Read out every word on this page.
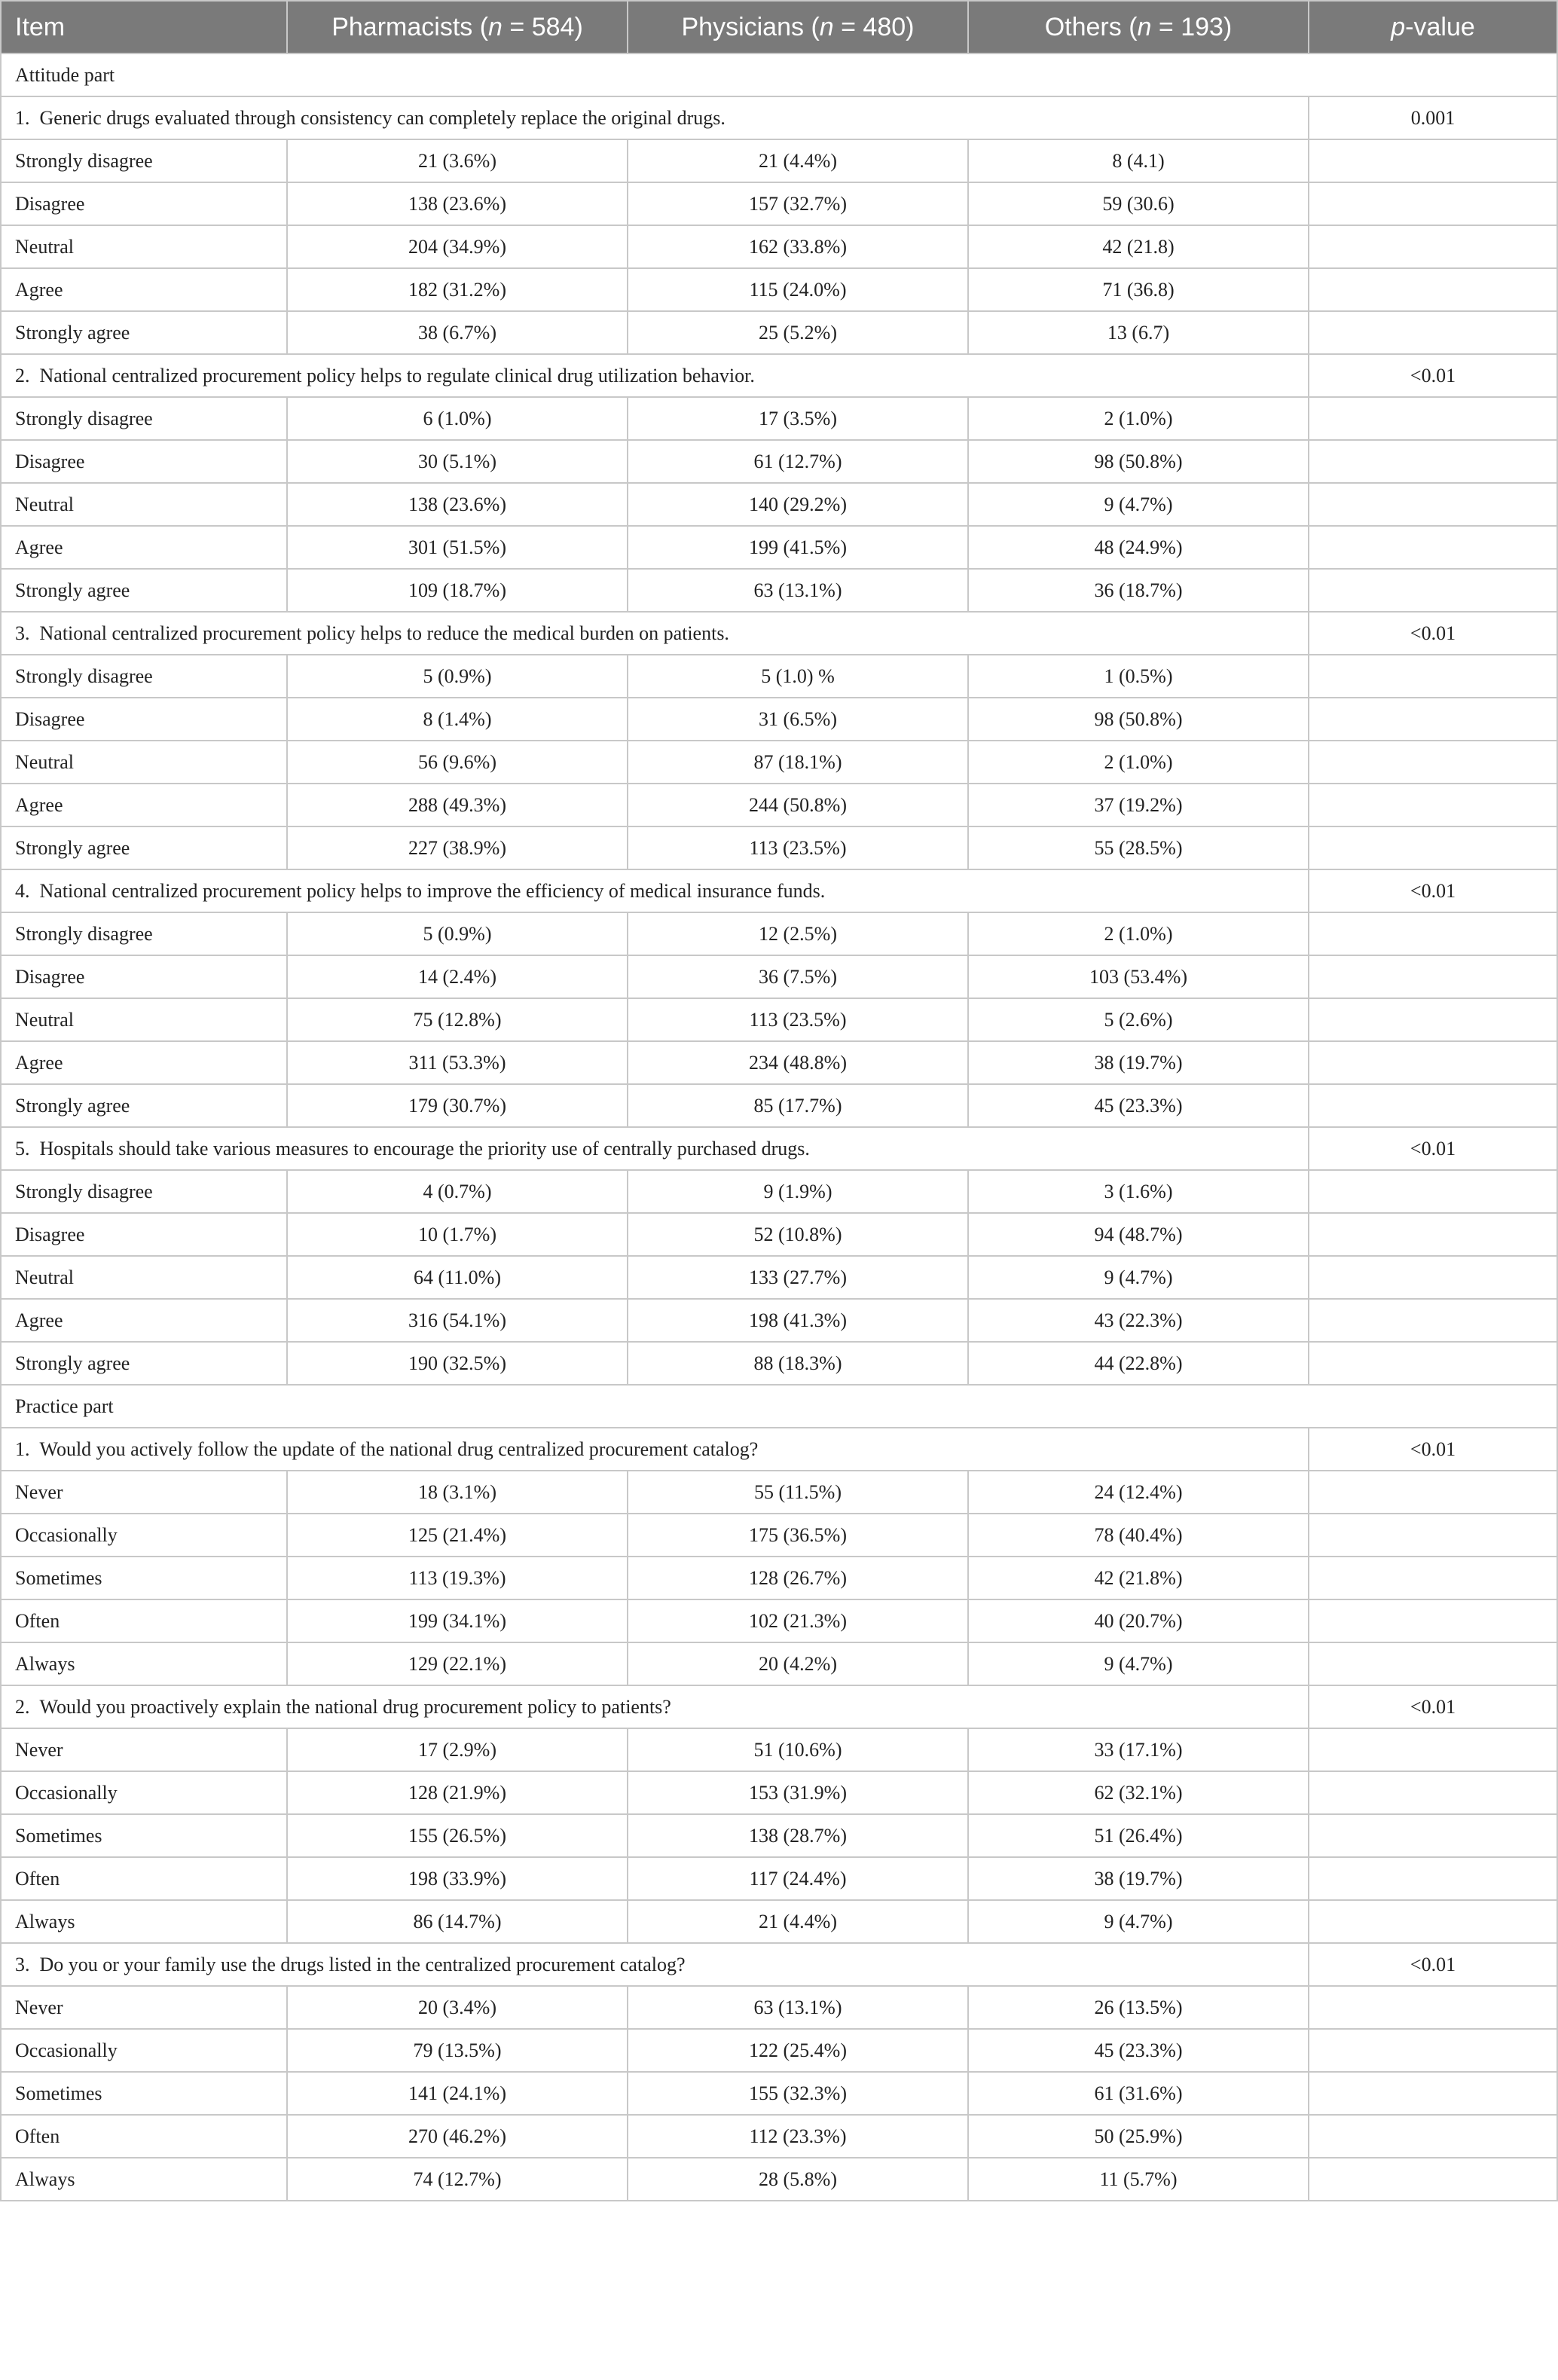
Item	Pharmacists (n = 584)	Physicians (n = 480)	Others (n = 193)	p-value
Attitude part				
1.  Generic drugs evaluated through consistency can completely replace the original drugs.				0.001
Strongly disagree	21 (3.6%)	21 (4.4%)	8 (4.1)	
Disagree	138 (23.6%)	157 (32.7%)	59 (30.6)	
Neutral	204 (34.9%)	162 (33.8%)	42 (21.8)	
Agree	182 (31.2%)	115 (24.0%)	71 (36.8)	
Strongly agree	38 (6.7%)	25 (5.2%)	13 (6.7)	
2.  National centralized procurement policy helps to regulate clinical drug utilization behavior.				<0.01
Strongly disagree	6 (1.0%)	17 (3.5%)	2 (1.0%)	
Disagree	30 (5.1%)	61 (12.7%)	98 (50.8%)	
Neutral	138 (23.6%)	140 (29.2%)	9 (4.7%)	
Agree	301 (51.5%)	199 (41.5%)	48 (24.9%)	
Strongly agree	109 (18.7%)	63 (13.1%)	36 (18.7%)	
3.  National centralized procurement policy helps to reduce the medical burden on patients.				<0.01
Strongly disagree	5 (0.9%)	5 (1.0) %	1 (0.5%)	
Disagree	8 (1.4%)	31 (6.5%)	98 (50.8%)	
Neutral	56 (9.6%)	87 (18.1%)	2 (1.0%)	
Agree	288 (49.3%)	244 (50.8%)	37 (19.2%)	
Strongly agree	227 (38.9%)	113 (23.5%)	55 (28.5%)	
4.  National centralized procurement policy helps to improve the efficiency of medical insurance funds.				<0.01
Strongly disagree	5 (0.9%)	12 (2.5%)	2 (1.0%)	
Disagree	14 (2.4%)	36 (7.5%)	103 (53.4%)	
Neutral	75 (12.8%)	113 (23.5%)	5 (2.6%)	
Agree	311 (53.3%)	234 (48.8%)	38 (19.7%)	
Strongly agree	179 (30.7%)	85 (17.7%)	45 (23.3%)	
5.  Hospitals should take various measures to encourage the priority use of centrally purchased drugs.				<0.01
Strongly disagree	4 (0.7%)	9 (1.9%)	3 (1.6%)	
Disagree	10 (1.7%)	52 (10.8%)	94 (48.7%)	
Neutral	64 (11.0%)	133 (27.7%)	9 (4.7%)	
Agree	316 (54.1%)	198 (41.3%)	43 (22.3%)	
Strongly agree	190 (32.5%)	88 (18.3%)	44 (22.8%)	
Practice part				
1.  Would you actively follow the update of the national drug centralized procurement catalog?				<0.01
Never	18 (3.1%)	55 (11.5%)	24 (12.4%)	
Occasionally	125 (21.4%)	175 (36.5%)	78 (40.4%)	
Sometimes	113 (19.3%)	128 (26.7%)	42 (21.8%)	
Often	199 (34.1%)	102 (21.3%)	40 (20.7%)	
Always	129 (22.1%)	20 (4.2%)	9 (4.7%)	
2.  Would you proactively explain the national drug procurement policy to patients?				<0.01
Never	17 (2.9%)	51 (10.6%)	33 (17.1%)	
Occasionally	128 (21.9%)	153 (31.9%)	62 (32.1%)	
Sometimes	155 (26.5%)	138 (28.7%)	51 (26.4%)	
Often	198 (33.9%)	117 (24.4%)	38 (19.7%)	
Always	86 (14.7%)	21 (4.4%)	9 (4.7%)	
3.  Do you or your family use the drugs listed in the centralized procurement catalog?				<0.01
Never	20 (3.4%)	63 (13.1%)	26 (13.5%)	
Occasionally	79 (13.5%)	122 (25.4%)	45 (23.3%)	
Sometimes	141 (24.1%)	155 (32.3%)	61 (31.6%)	
Often	270 (46.2%)	112 (23.3%)	50 (25.9%)	
Always	74 (12.7%)	28 (5.8%)	11 (5.7%)	
